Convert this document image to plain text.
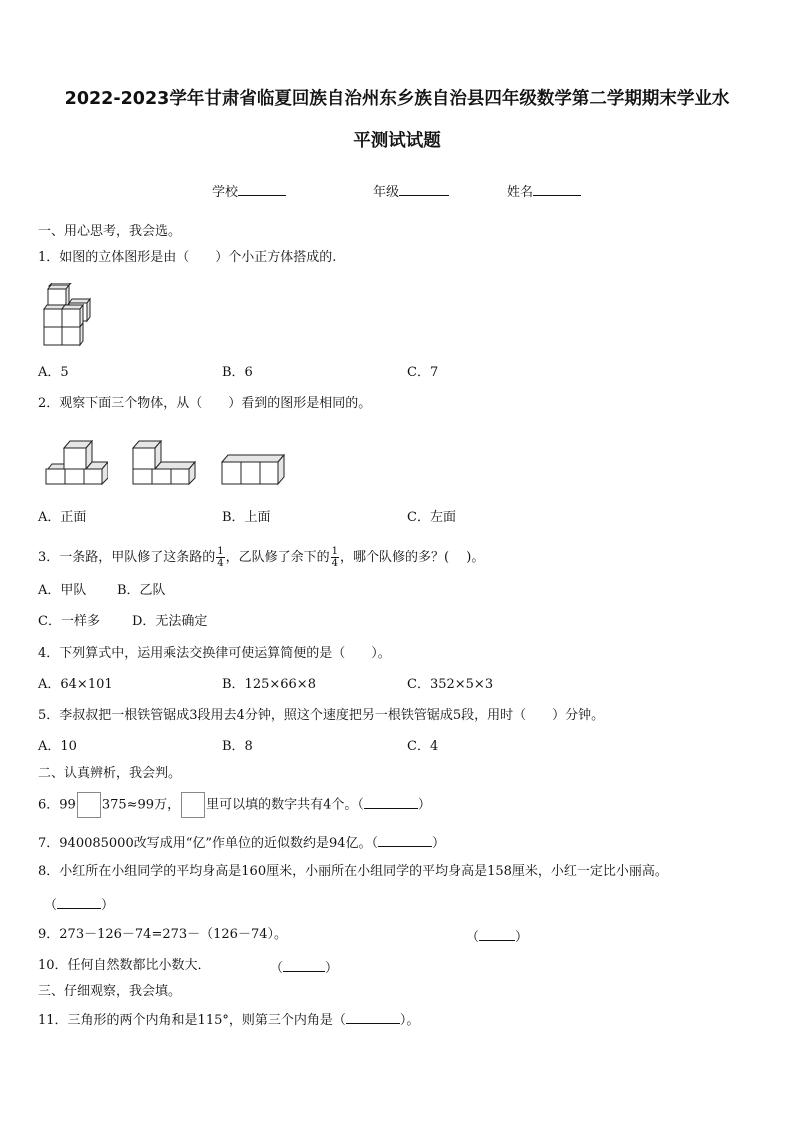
2022-2023学年甘肃省临夏回族自治州东乡族自治县四年级数学第二学期期末学业水
平测试试题
学校	年级	姓名
一、用心思考，我会选。
1．如图的立体图形是由（　　）个小正方体搭成的.
A．5	B．6	C．7
2．观察下面三个物体，从（　　）看到的图形是相同的。
A．正面	B．上面	C．左面
3．一条路，甲队修了这条路的 $\frac{1}{4}$ ，乙队修了余下的 $\frac{1}{4}$ ，哪个队修的多？(　 )。
A．甲队 B．乙队
C．一样多 D．无法确定
4．下列算式中，运用乘法交换律可使运算简便的是（　　）。
A．64×101	B．125×66×8	C．352×5×3
5．李叔叔把一根铁管锯成3段用去4分钟，照这个速度把另一根铁管锯成5段，用时（　　）分钟。
A．10	B．8	C．4
二、认真辨析，我会判。
6．99 375≈99万， 里可以填的数字共有4个。（	）
7．940085000改写成用“亿”作单位的近似数约是94亿。（	）
8．小红所在小组同学的平均身高是160厘米，小丽所在小组同学的平均身高是158厘米，小红一定比小丽高。
（	）
9．273－126－74=273－（126－74）。	（	）
10．任何自然数都比小数大．	（	）
三、仔细观察，我会填。
11．三角形的两个内角和是115°，则第三个内角是（	）。
